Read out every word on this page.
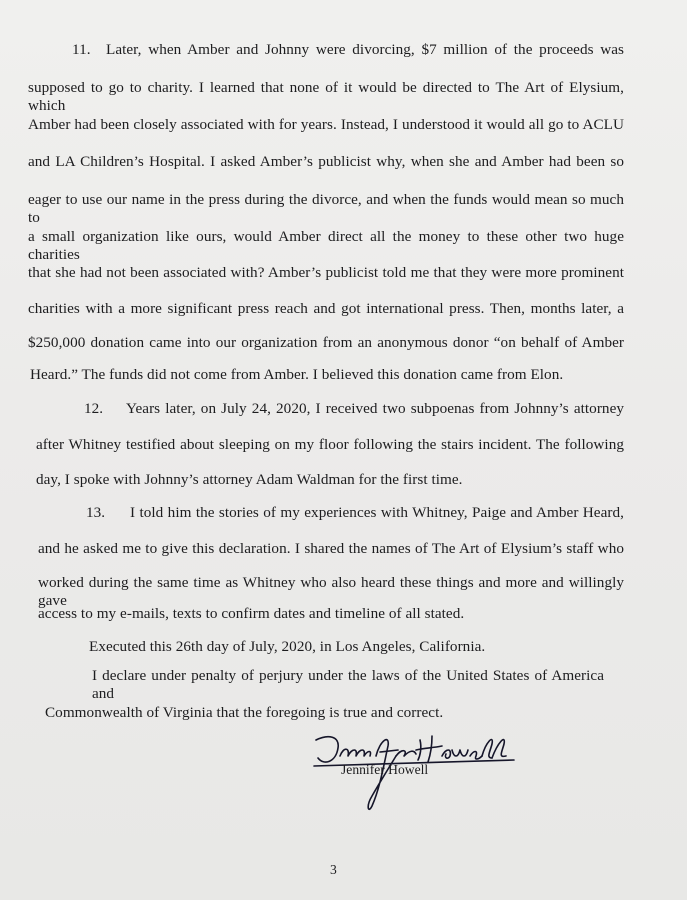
11. Later, when Amber and Johnny were divorcing, $7 million of the proceeds was
supposed to go to charity. I learned that none of it would be directed to The Art of Elysium, which
Amber had been closely associated with for years. Instead, I understood it would all go to ACLU
and LA Children’s Hospital. I asked Amber’s publicist why, when she and Amber had been so
eager to use our name in the press during the divorce, and when the funds would mean so much to
a small organization like ours, would Amber direct all the money to these other two huge charities
that she had not been associated with? Amber’s publicist told me that they were more prominent
charities with a more significant press reach and got international press. Then, months later, a
$250,000 donation came into our organization from an anonymous donor “on behalf of Amber
Heard.” The funds did not come from Amber. I believed this donation came from Elon.
12. Years later, on July 24, 2020, I received two subpoenas from Johnny’s attorney
after Whitney testified about sleeping on my floor following the stairs incident. The following
day, I spoke with Johnny’s attorney Adam Waldman for the first time.
13. I told him the stories of my experiences with Whitney, Paige and Amber Heard,
and he asked me to give this declaration. I shared the names of The Art of Elysium’s staff who
worked during the same time as Whitney who also heard these things and more and willingly gave
access to my e-mails, texts to confirm dates and timeline of all stated.
Executed this 26th day of July, 2020, in Los Angeles, California.
I declare under penalty of perjury under the laws of the United States of America and
Commonwealth of Virginia that the foregoing is true and correct.
Jennifer Howell
3
